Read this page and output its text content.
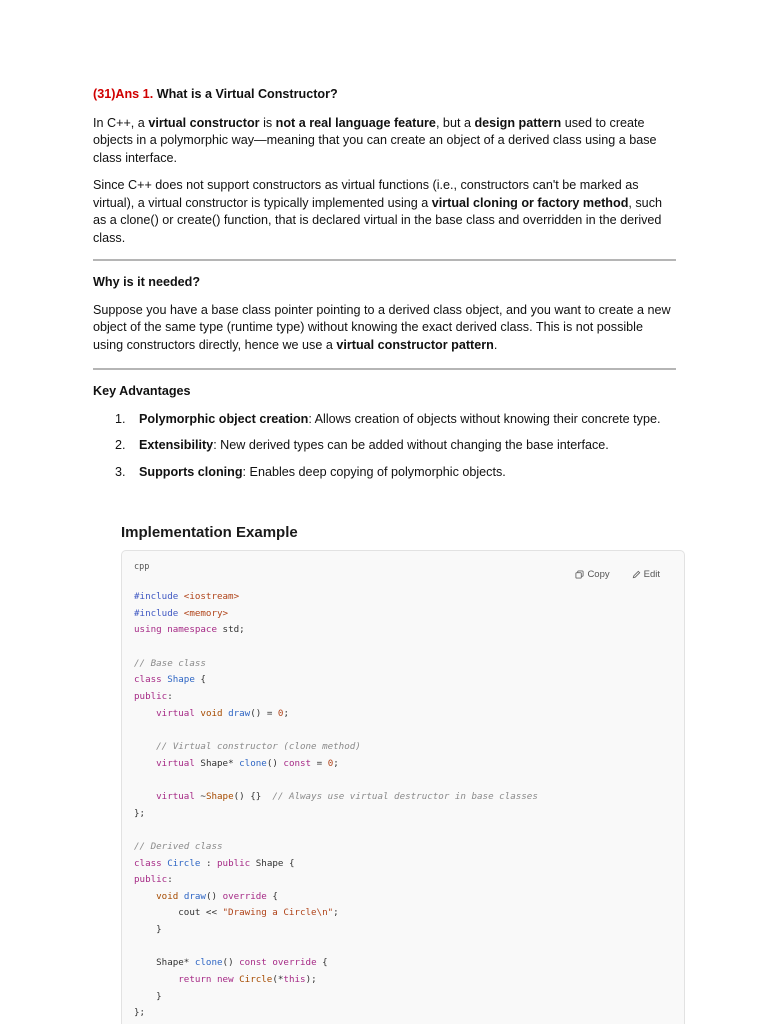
(31)Ans 1. What is a Virtual Constructor?

In C++, a virtual constructor is not a real language feature, but a design pattern used to create objects in a polymorphic way—meaning that you can create an object of a derived class using a base class interface.

Since C++ does not support constructors as virtual functions (i.e., constructors can't be marked as virtual), a virtual constructor is typically implemented using a virtual cloning or factory method, such as a clone() or create() function, that is declared virtual in the base class and overridden in the derived class.

Why is it needed?

Suppose you have a base class pointer pointing to a derived class object, and you want to create a new object of the same type (runtime type) without knowing the exact derived class. This is not possible using constructors directly, hence we use a virtual constructor pattern.

Key Advantages
1. Polymorphic object creation: Allows creation of objects without knowing their concrete type.
2. Extensibility: New derived types can be added without changing the base interface.
3. Supports cloning: Enables deep copying of polymorphic objects.
Implementation Example
cpp
Copy	Edit
#include <iostream>
#include <memory>
using namespace std;

// Base class
class Shape {
public:
virtual void draw() = 0;

// Virtual constructor (clone method)
virtual Shape* clone() const = 0;

virtual ~Shape() {}  // Always use virtual destructor in base classes
};

// Derived class
class Circle : public Shape {
public:
void draw() override {
cout << "Drawing a Circle\n";
}

Shape* clone() const override {
return new Circle(*this);
}
};
